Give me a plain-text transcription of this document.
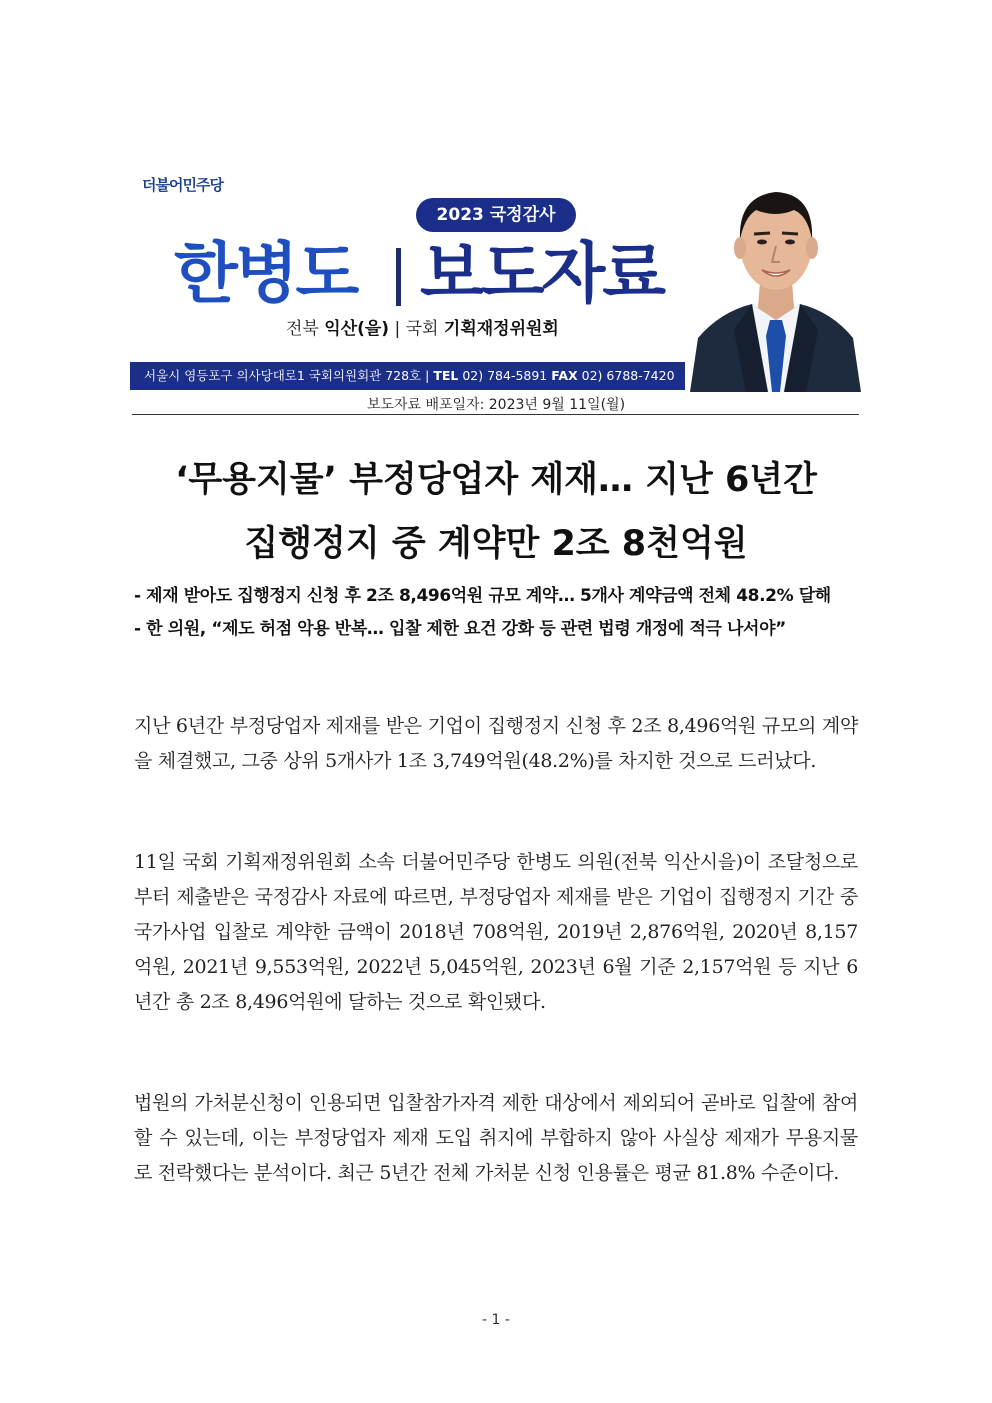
더불어민주당
2023 국정감사
한병도 보도자료
전북 익산(을) | 국회 기획재정위원회
서울시 영등포구 의사당대로1 국회의원회관 728호 | TEL 02) 784-5891 FAX 02) 6788-7420
보도자료 배포일자: 2023년 9월 11일(월)
‘무용지물’ 부정당업자 제재… 지난 6년간
집행정지 중 계약만 2조 8천억원
- 제재 받아도 집행정지 신청 후 2조 8,496억원 규모 계약… 5개사 계약금액 전체 48.2% 달해
- 한 의원, “제도 허점 악용 반복… 입찰 제한 요건 강화 등 관련 법령 개정에 적극 나서야”

지난 6년간 부정당업자 제재를 받은 기업이 집행정지 신청 후 2조 8,496억원 규모의 계약을 체결했고, 그중 상위 5개사가 1조 3,749억원(48.2%)를 차지한 것으로 드러났다.

11일 국회 기획재정위원회 소속 더불어민주당 한병도 의원(전북 익산시을)이 조달청으로부터 제출받은 국정감사 자료에 따르면, 부정당업자 제재를 받은 기업이 집행정지 기간 중 국가사업 입찰로 계약한 금액이 2018년 708억원, 2019년 2,876억원, 2020년 8,157억원, 2021년 9,553억원, 2022년 5,045억원, 2023년 6월 기준 2,157억원 등 지난 6년간 총 2조 8,496억원에 달하는 것으로 확인됐다.

법원의 가처분신청이 인용되면 입찰참가자격 제한 대상에서 제외되어 곧바로 입찰에 참여할 수 있는데, 이는 부정당업자 제재 도입 취지에 부합하지 않아 사실상 제재가 무용지물로 전락했다는 분석이다. 최근 5년간 전체 가처분 신청 인용률은 평균 81.8% 수준이다.

- 1 -
